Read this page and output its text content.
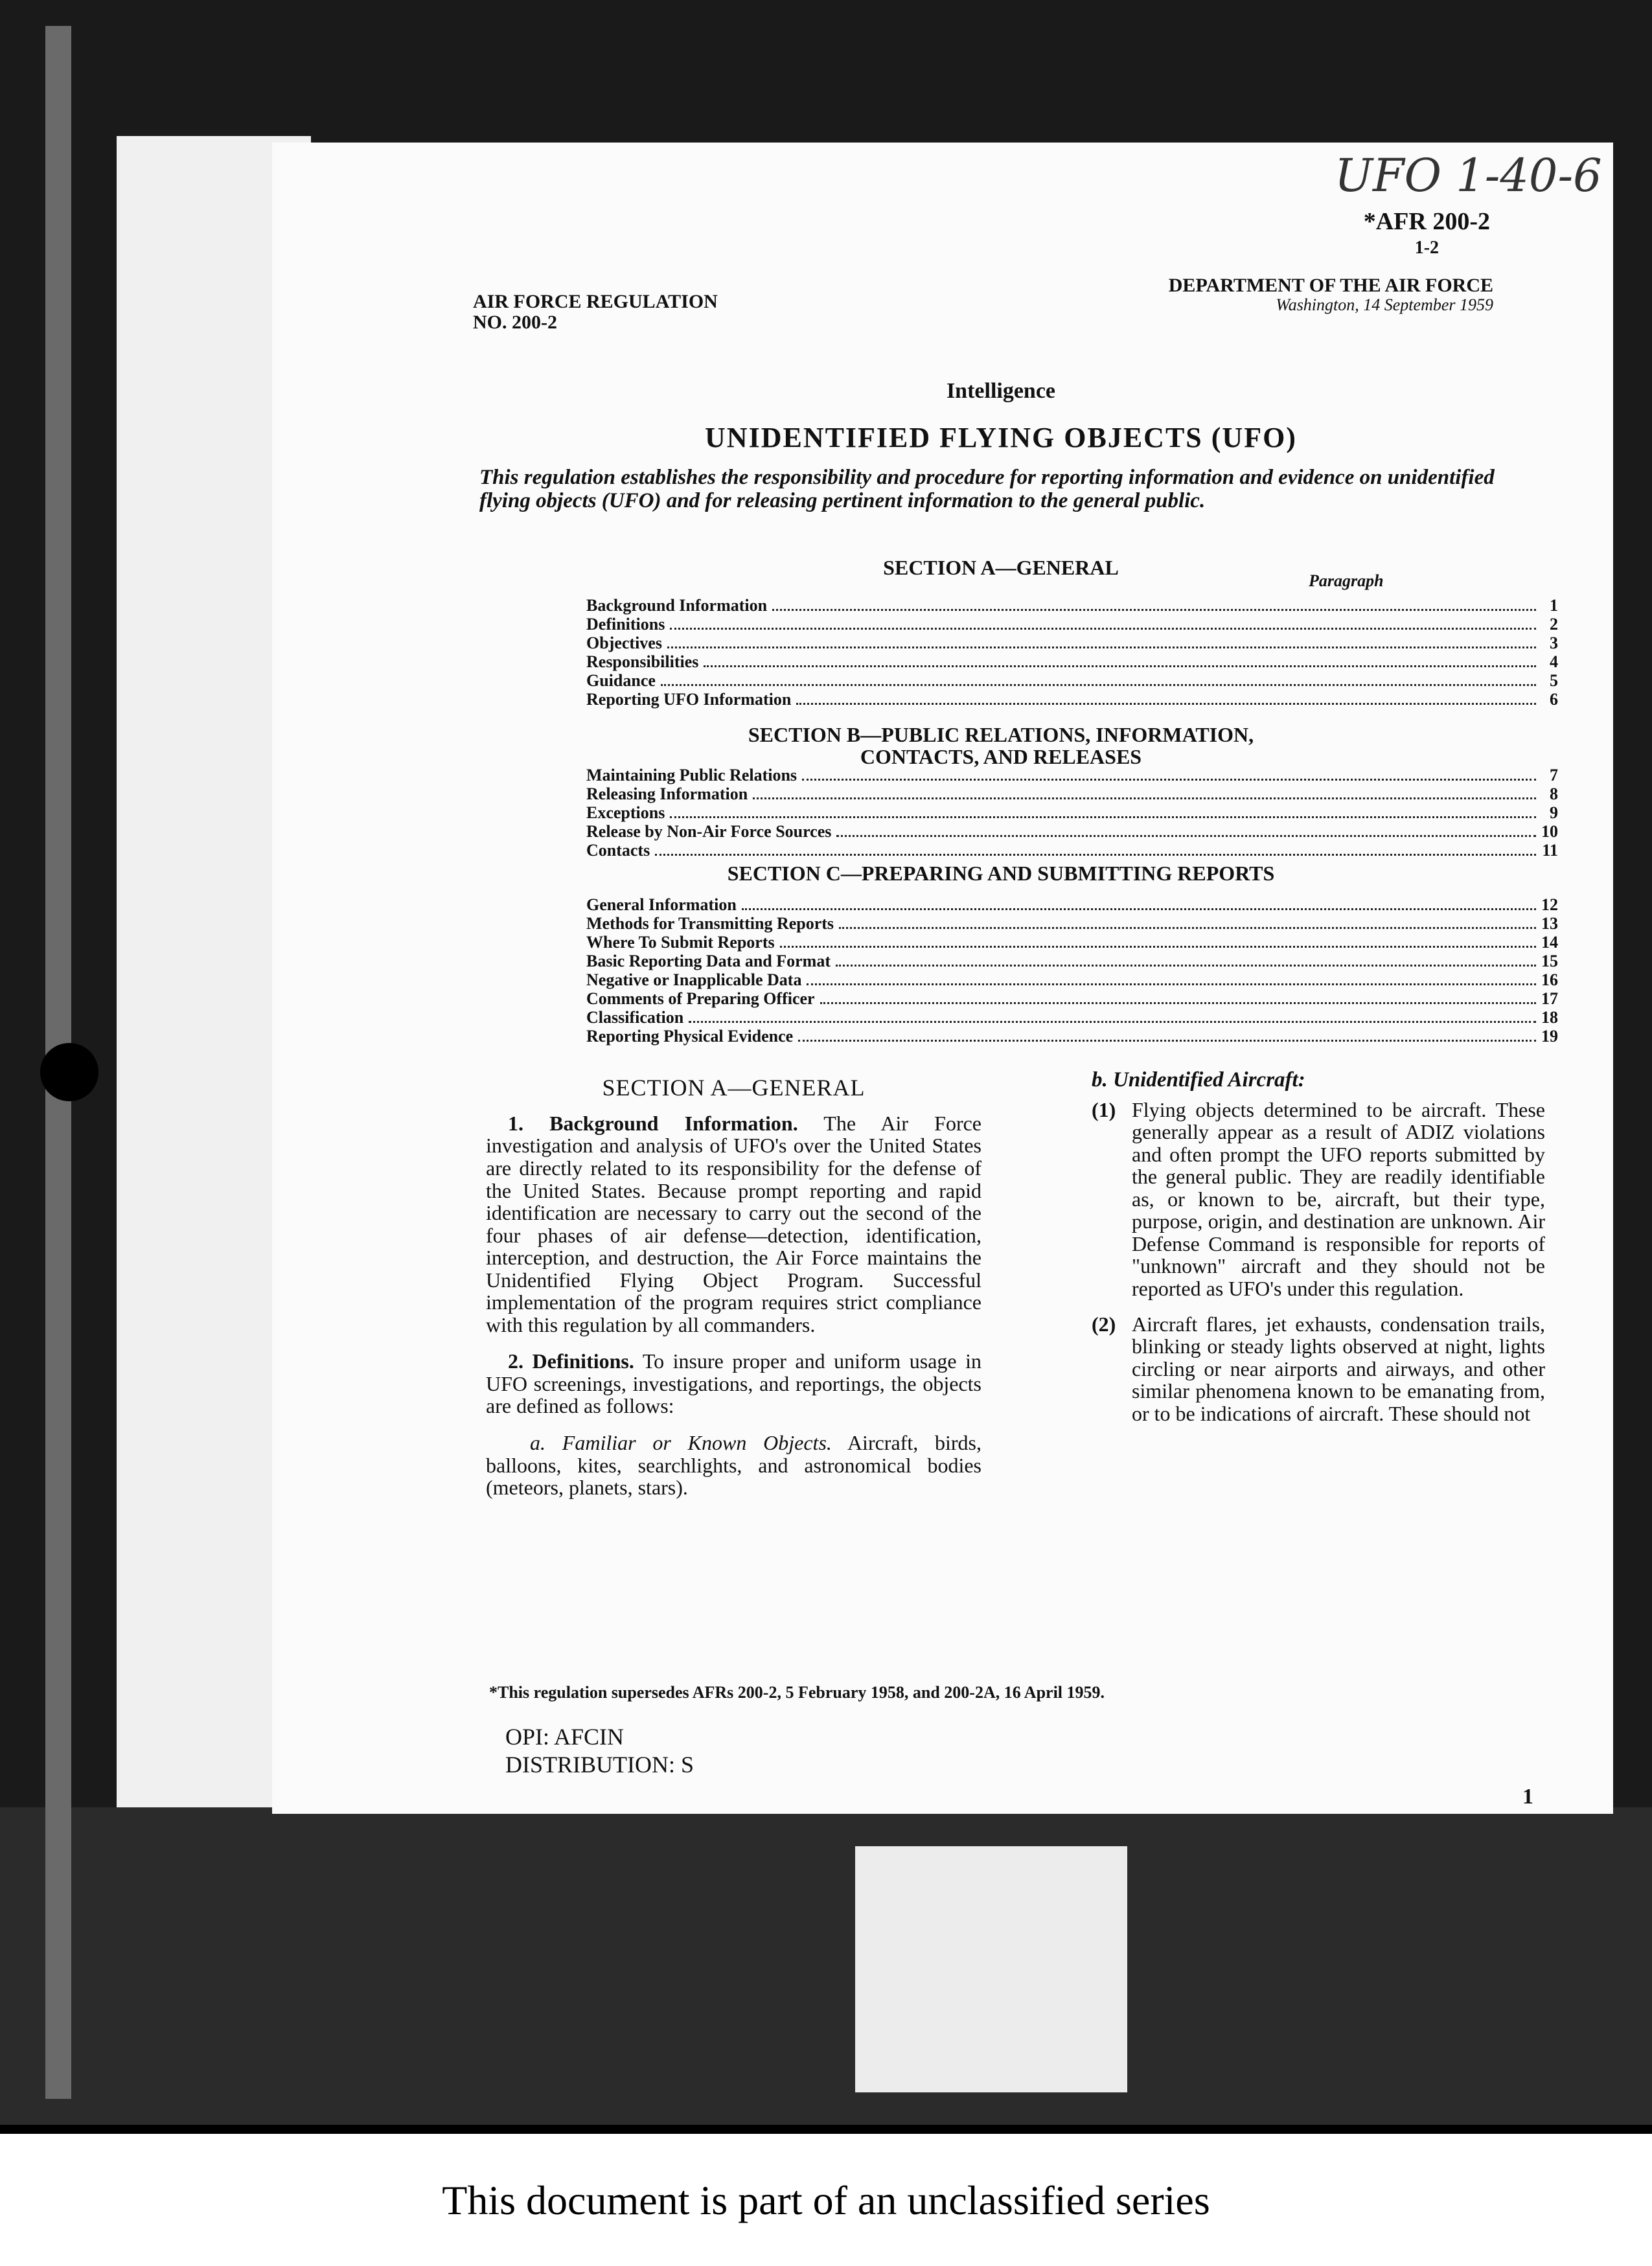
UFO 1-40-6
*AFR 200-2
1-2
AIR FORCE REGULATION
NO. 200-2
DEPARTMENT OF THE AIR FORCE
Washington, 14 September 1959
Intelligence
UNIDENTIFIED FLYING OBJECTS (UFO)
This regulation establishes the responsibility and procedure for reporting information and evidence on unidentified flying objects (UFO) and for releasing pertinent information to the general public.
SECTION A—GENERAL
Paragraph
Background Information	1
Definitions	2
Objectives	3
Responsibilities	4
Guidance	5
Reporting UFO Information	6
SECTION B—PUBLIC RELATIONS, INFORMATION,
CONTACTS, AND RELEASES
Maintaining Public Relations	7
Releasing Information	8
Exceptions	9
Release by Non-Air Force Sources	10
Contacts	11
SECTION C—PREPARING AND SUBMITTING REPORTS
General Information	12
Methods for Transmitting Reports	13
Where To Submit Reports	14
Basic Reporting Data and Format	15
Negative or Inapplicable Data	16
Comments of Preparing Officer	17
Classification	18
Reporting Physical Evidence	19
SECTION A—GENERAL

1. Background Information. The Air Force investigation and analysis of UFO's over the United States are directly related to its responsibility for the defense of the United States. Because prompt reporting and rapid identification are necessary to carry out the second of the four phases of air defense—detection, identification, interception, and destruction, the Air Force maintains the Unidentified Flying Object Program. Successful implementation of the program requires strict compliance with this regulation by all commanders.

2. Definitions. To insure proper and uniform usage in UFO screenings, investigations, and reportings, the objects are defined as follows:

a. Familiar or Known Objects. Aircraft, birds, balloons, kites, searchlights, and astronomical bodies (meteors, planets, stars).

b. Unidentified Aircraft:
(1) Flying objects determined to be aircraft. These generally appear as a result of ADIZ violations and often prompt the UFO reports submitted by the general public. They are readily identifiable as, or known to be, aircraft, but their type, purpose, origin, and destination are unknown. Air Defense Command is responsible for reports of "unknown" aircraft and they should not be reported as UFO's under this regulation.
(2) Aircraft flares, jet exhausts, condensation trails, blinking or steady lights observed at night, lights circling or near airports and airways, and other similar phenomena known to be emanating from, or to be indications of aircraft. These should not
*This regulation supersedes AFRs 200-2, 5 February 1958, and 200-2A, 16 April 1959.
OPI: AFCIN
DISTRIBUTION: S
1
This document is part of an unclassified series
